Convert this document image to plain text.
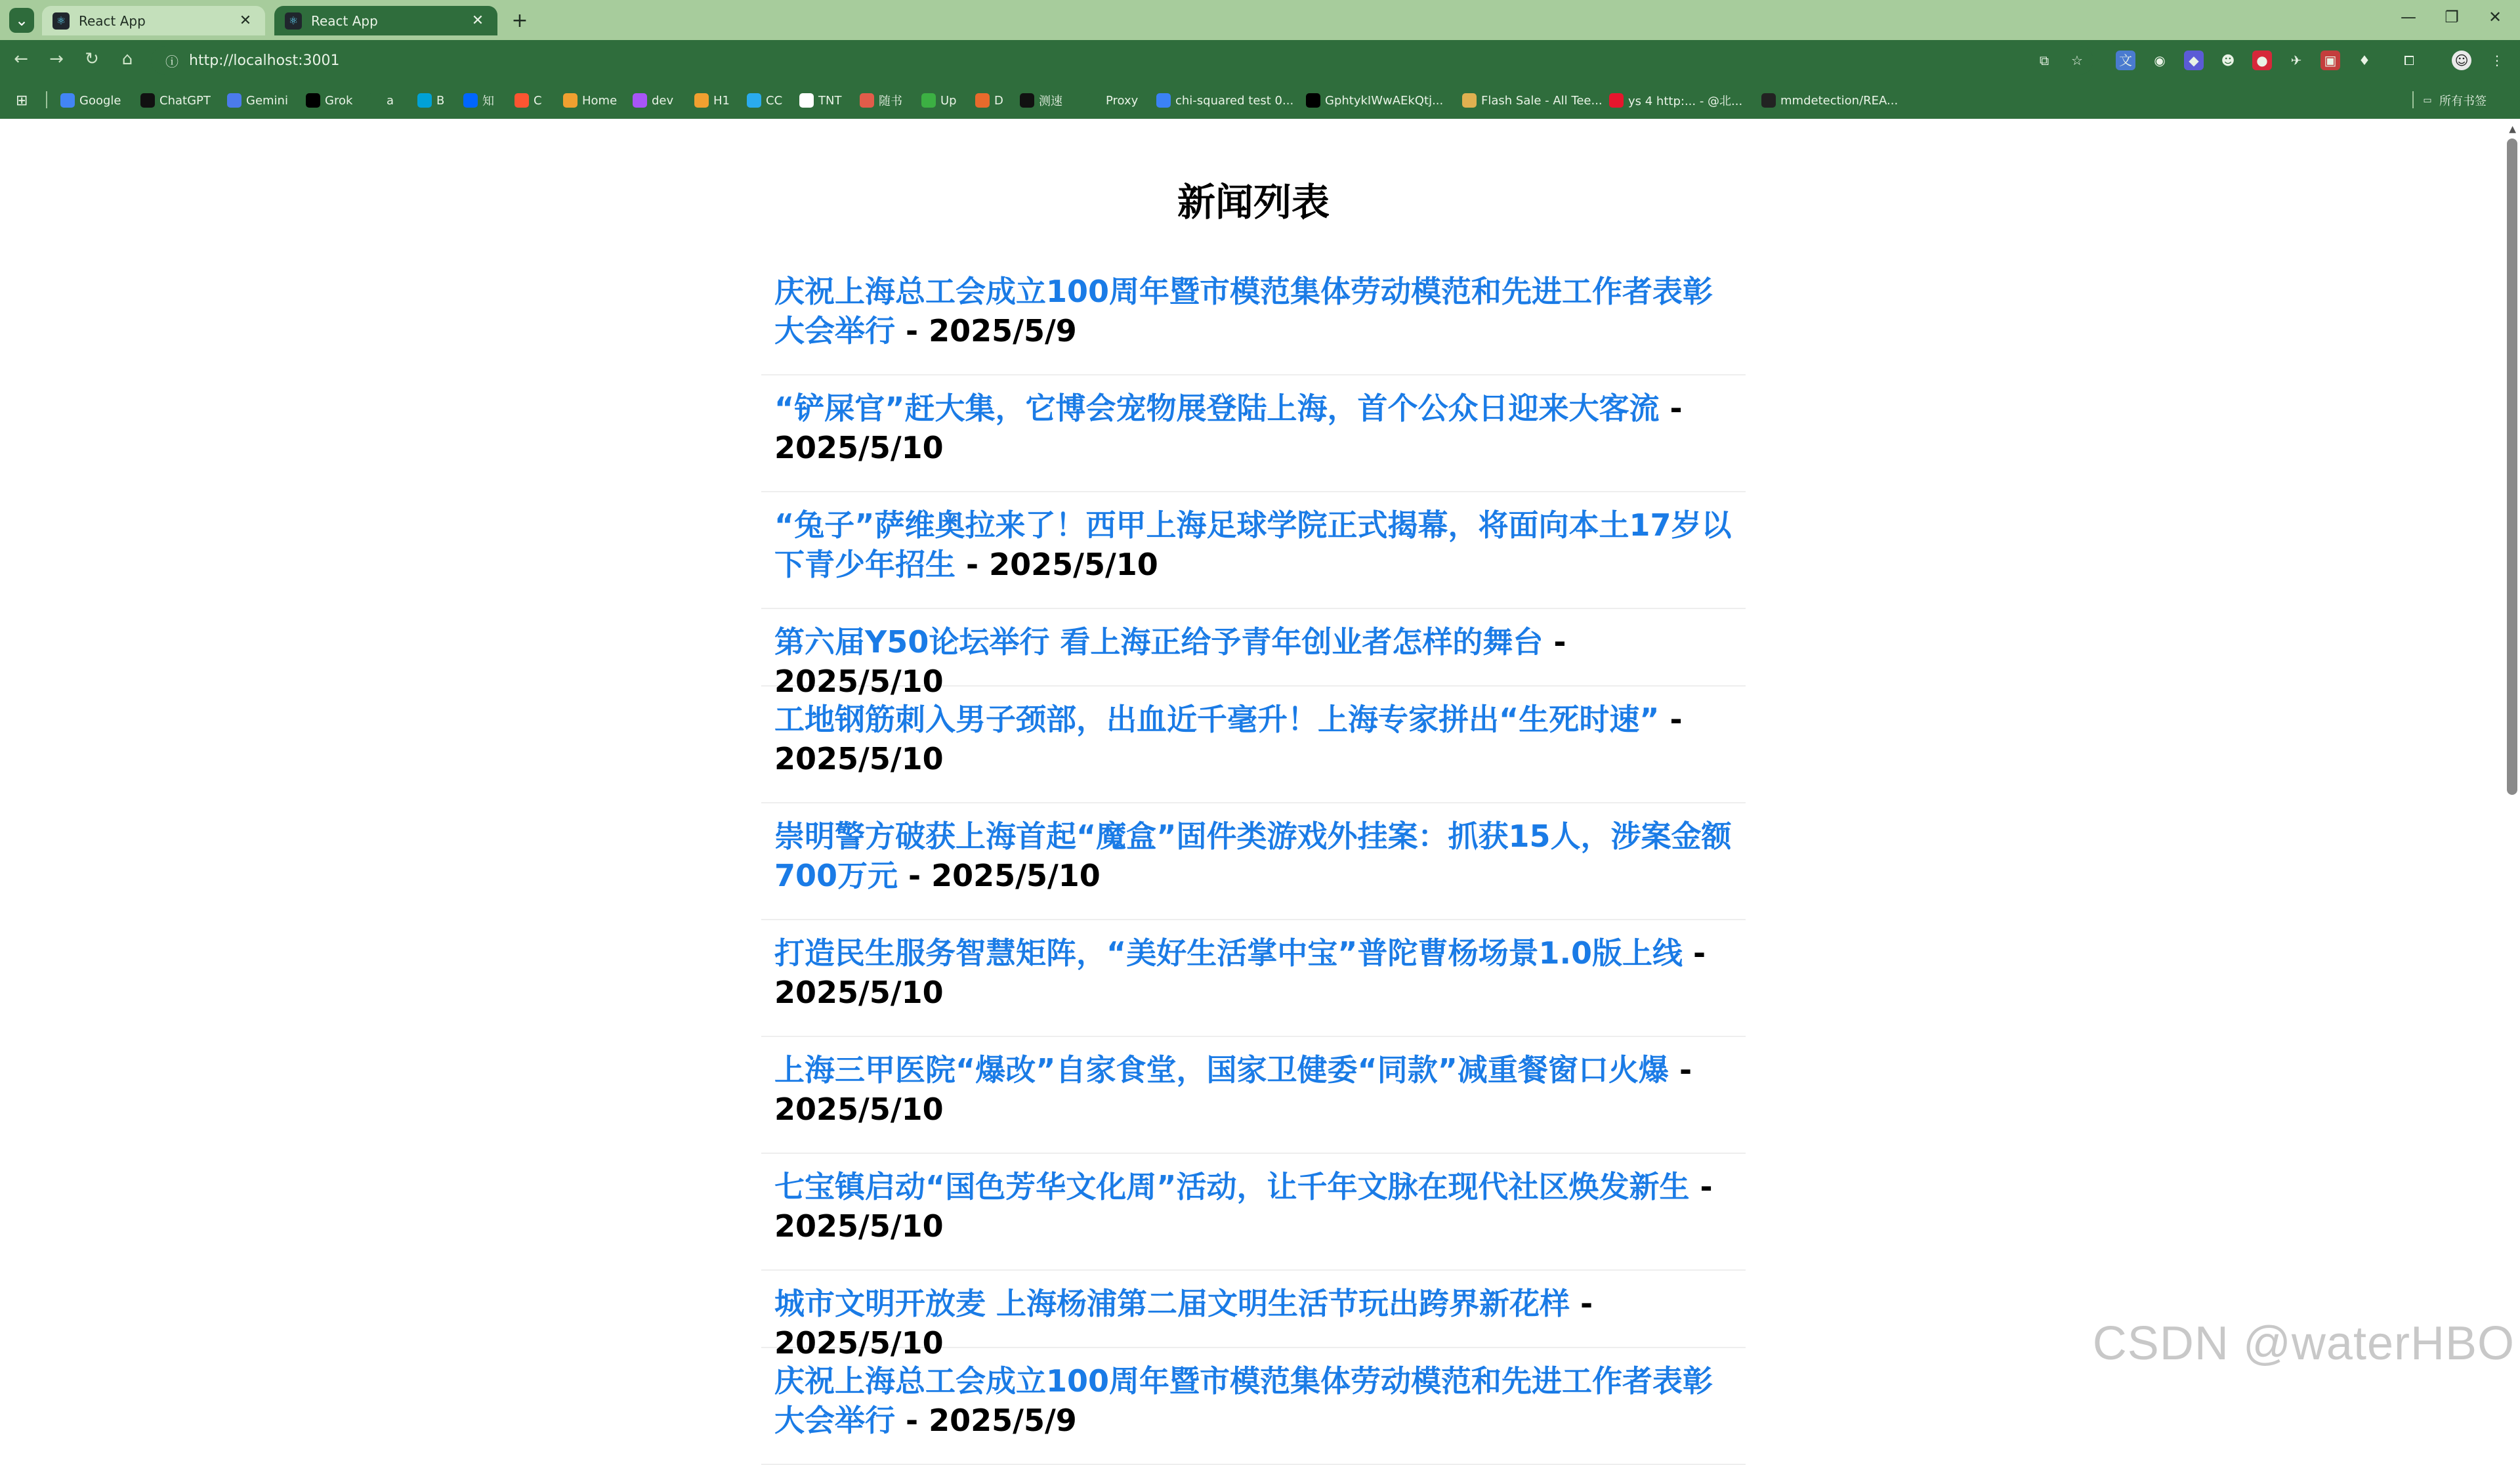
⌄	⚛ React App	✕	⚛ React App	✕ +	—	❐	✕
← → ↻	⌂	ⓘ http://localhost:3001	⧉	☆	文	◉	◆	☻	●	✈	▣	♦	⧠	☺ ⋮
⊞	▭ 所有书签
Google	ChatGPT	Gemini	Grok	a	B	知	C	Home	dev	H1	CC	TNT	随书	Up	D	测速	Proxy	chi-squared test 0...	GphtykIWwAEkQtj...	Flash Sale - All Tee... ys 4 http:... - @北...	mmdetection/REA...
新闻列表
庆祝上海总工会成立100周年暨市模范集体劳动模范和先进工作者表彰大会举行 - 2025/5/9
“铲屎官”赶大集，它博会宠物展登陆上海，首个公众日迎来大客流 - 2025/5/10
“兔子”萨维奥拉来了！西甲上海足球学院正式揭幕，将面向本土17岁以下青少年招生 - 2025/5/10
第六届Y50论坛举行 看上海正给予青年创业者怎样的舞台 - 2025/5/10
工地钢筋刺入男子颈部，出血近千毫升！上海专家拼出“生死时速” - 2025/5/10
崇明警方破获上海首起“魔盒”固件类游戏外挂案：抓获15人，涉案金额700万元 - 2025/5/10
打造民生服务智慧矩阵，“美好生活掌中宝”普陀曹杨场景1.0版上线 - 2025/5/10
上海三甲医院“爆改”自家食堂，国家卫健委“同款”减重餐窗口火爆 - 2025/5/10
七宝镇启动“国色芳华文化周”活动，让千年文脉在现代社区焕发新生 - 2025/5/10
城市文明开放麦 上海杨浦第二届文明生活节玩出跨界新花样 - 2025/5/10
庆祝上海总工会成立100周年暨市模范集体劳动模范和先进工作者表彰大会举行 - 2025/5/9
▲
CSDN @waterHBO
